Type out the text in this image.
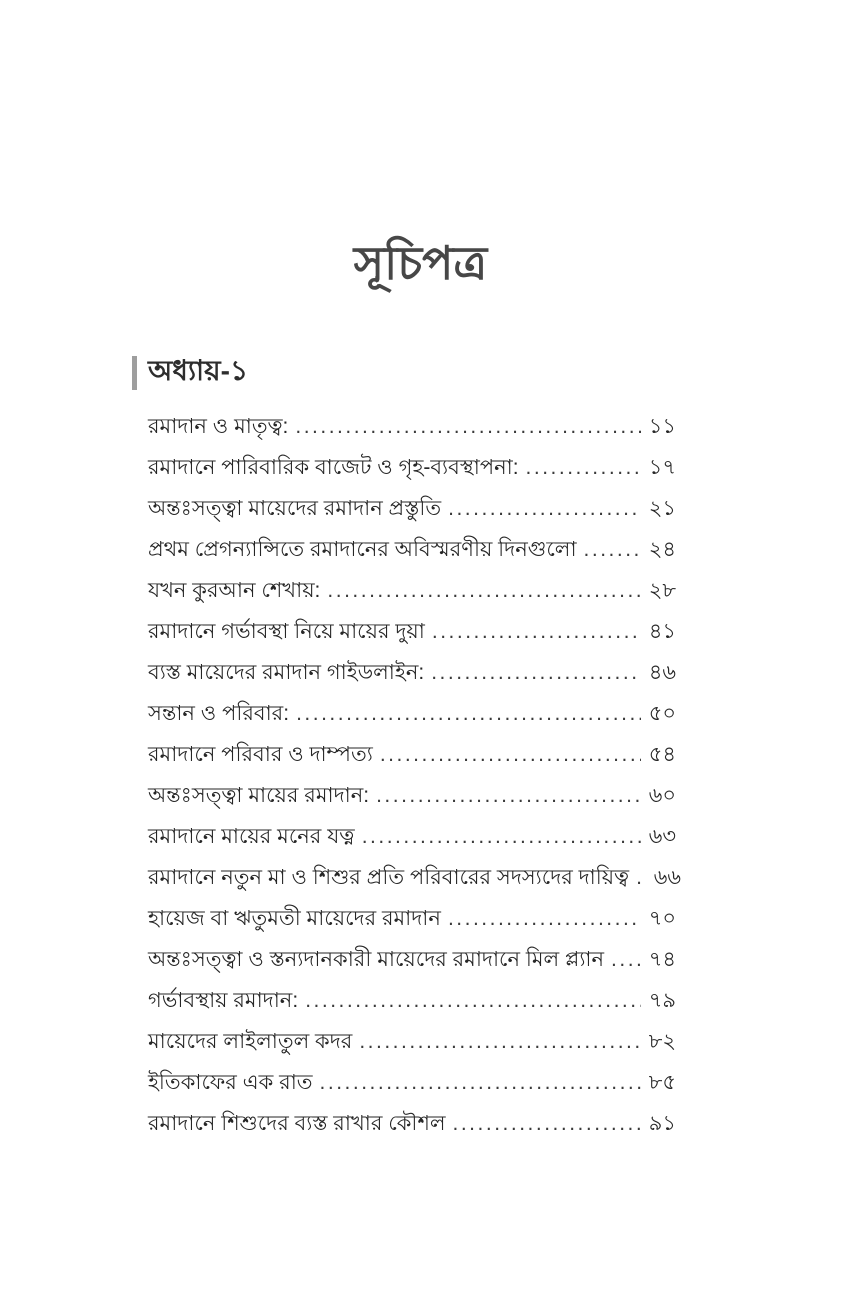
সূচিপত্র
অধ্যায়-১
রমাদান ও মাতৃত্ব: .....	১১
রমাদানে পারিবারিক বাজেট ও গৃহ-ব্যবস্থাপনা: .....	১৭
অন্তঃসত্ত্বা মায়েদের রমাদান প্রস্তুতি .....	২১
প্রথম প্রেগন্যান্সিতে রমাদানের অবিস্মরণীয় দিনগুলো .....	২৪
যখন কুরআন শেখায়: .....	২৮
রমাদানে গর্ভাবস্থা নিয়ে মায়ের দুয়া .....	৪১
ব্যস্ত মায়েদের রমাদান গাইডলাইন: .....	৪৬
সন্তান ও পরিবার: .....	৫০
রমাদানে পরিবার ও দাম্পত্য .....	৫৪
অন্তঃসত্ত্বা মায়ের রমাদান: .....	৬০
রমাদানে মায়ের মনের যত্ন .....	৬৩
রমাদানে নতুন মা ও শিশুর প্রতি পরিবারের সদস্যদের দায়িত্ব ..... ৬৬
হায়েজ বা ঋতুমতী মায়েদের রমাদান .....	৭০
অন্তঃসত্ত্বা ও স্তন্যদানকারী মায়েদের রমাদানে মিল প্ল্যান ..... ৭৪
গর্ভাবস্থায় রমাদান: .....	৭৯
মায়েদের লাইলাতুল কদর .....	৮২
ইতিকাফের এক রাত .....	৮৫
রমাদানে শিশুদের ব্যস্ত রাখার কৌশল .....	৯১
